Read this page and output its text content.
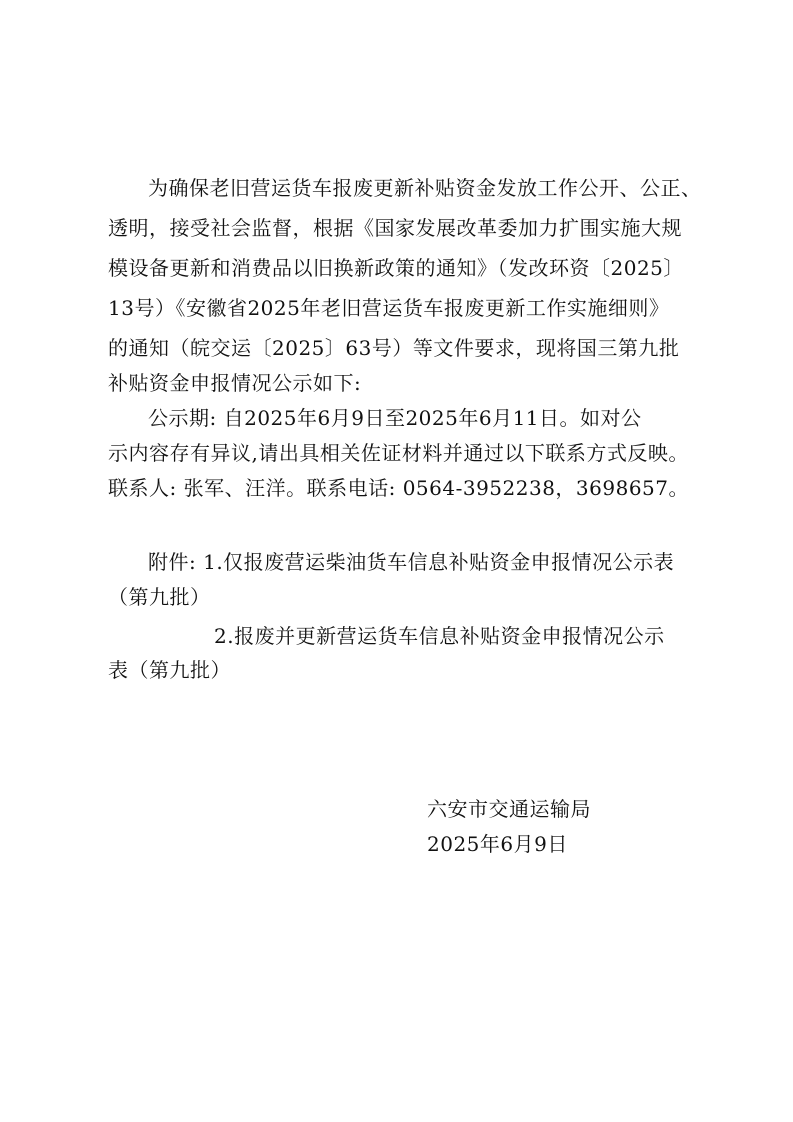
为确保老旧营运货车报废更新补贴资金发放工作公开、公正、
透明，接受社会监督，根据《国家发展改革委加力扩围实施大规
模设备更新和消费品以旧换新政策的通知》（发改环资〔2025〕
13号）《安徽省2025年老旧营运货车报废更新工作实施细则》
的通知（皖交运〔2025〕63号）等文件要求，现将国三第九批
补贴资金申报情况公示如下:
公示期: 自2025年6月9日至2025年6月11日。如对公
示内容存有异议,请出具相关佐证材料并通过以下联系方式反映。
联系人: 张军、汪洋。联系电话: 0564-3952238，3698657。
附件: 1.仅报废营运柴油货车信息补贴资金申报情况公示表
（第九批）
2.报废并更新营运货车信息补贴资金申报情况公示
表（第九批）
六安市交通运输局
2025年6月9日
